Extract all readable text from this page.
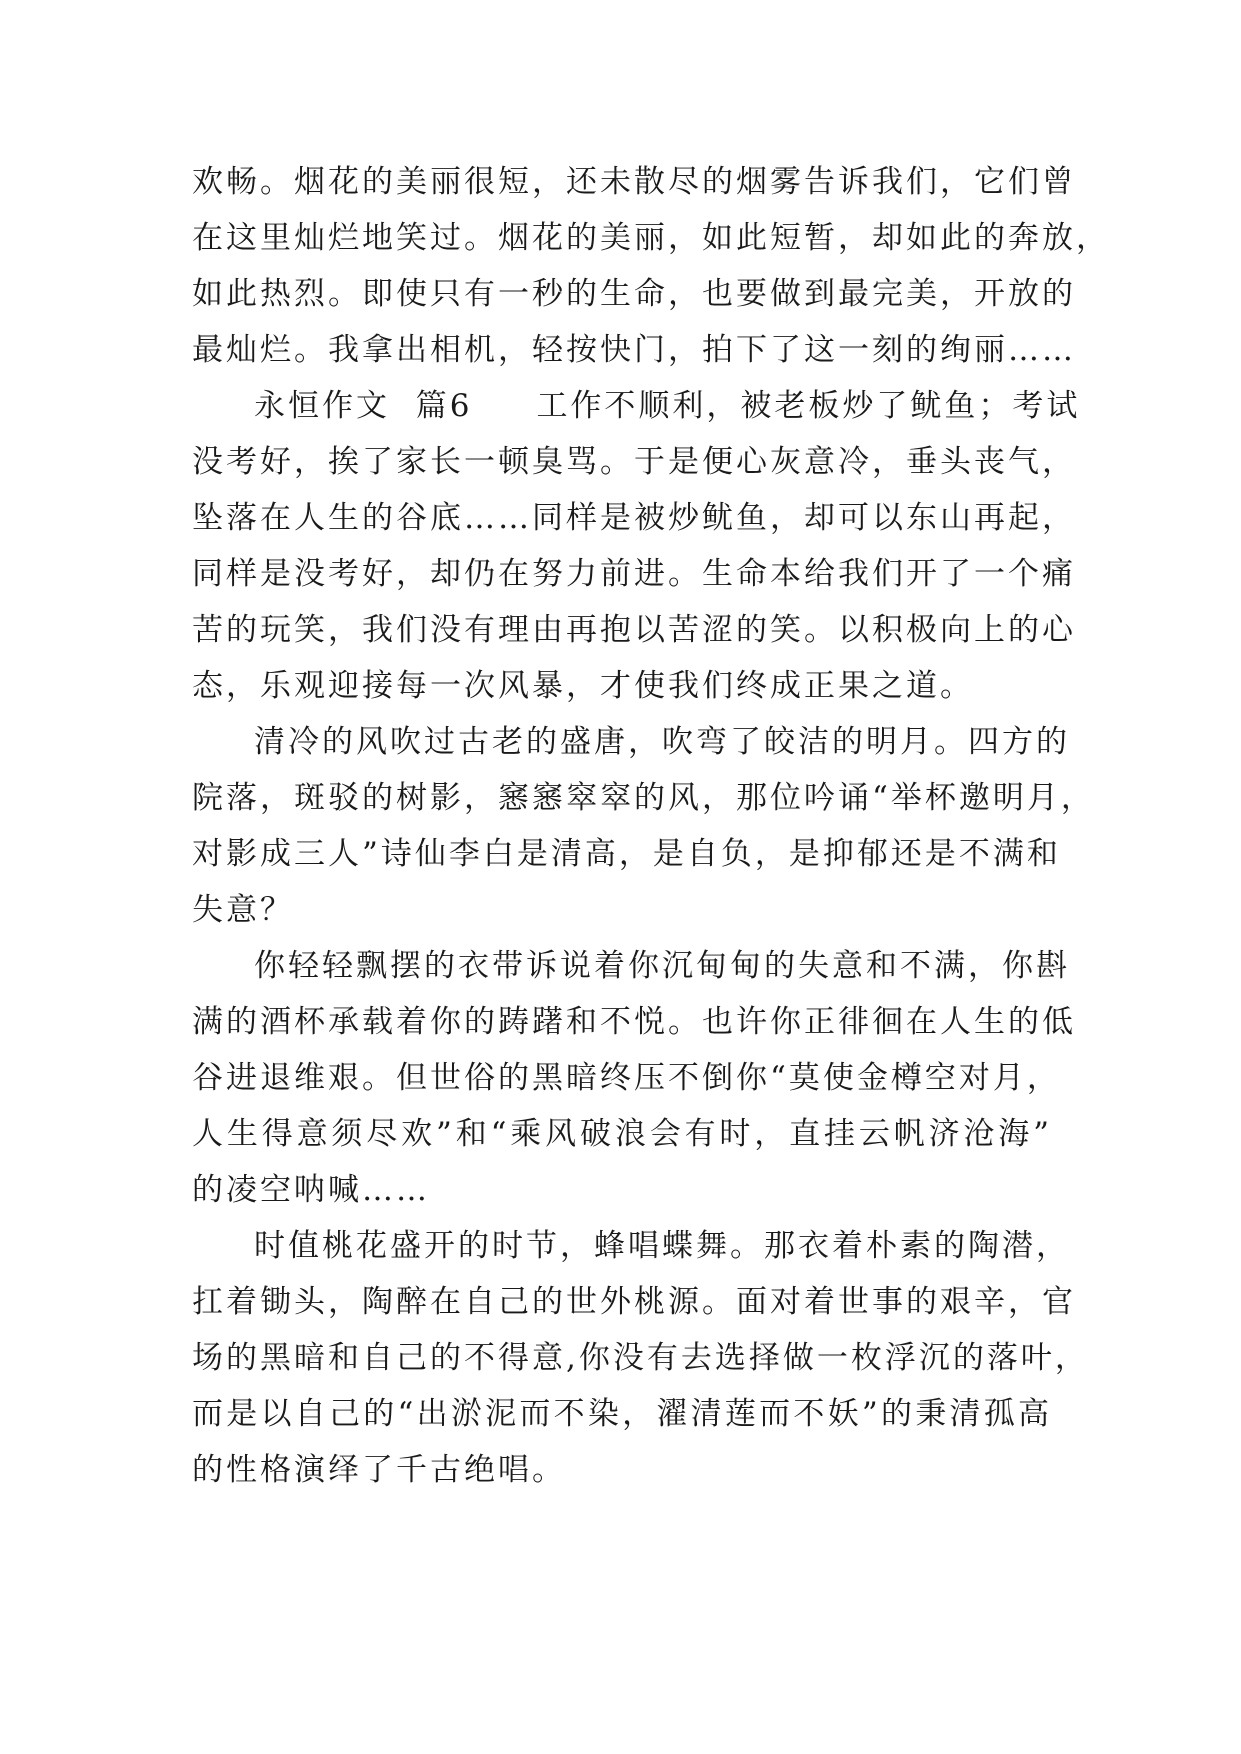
欢畅。烟花的美丽很短，还未散尽的烟雾告诉我们，它们曾
在这里灿烂地笑过。烟花的美丽，如此短暂，却如此的奔放，
如此热烈。即使只有一秒的生命，也要做到最完美，开放的
最灿烂。我拿出相机，轻按快门，拍下了这一刻的绚丽……
永恒作文  篇6 工作不顺利，被老板炒了鱿鱼；考试
没考好，挨了家长一顿臭骂。于是便心灰意冷，垂头丧气，
坠落在人生的谷底……同样是被炒鱿鱼，却可以东山再起，
同样是没考好，却仍在努力前进。生命本给我们开了一个痛
苦的玩笑，我们没有理由再抱以苦涩的笑。以积极向上的心
态，乐观迎接每一次风暴，才使我们终成正果之道。
清冷的风吹过古老的盛唐，吹弯了皎洁的明月。四方的
院落，斑驳的树影，窸窸窣窣的风，那位吟诵“举杯邀明月，
对影成三人”诗仙李白是清高，是自负，是抑郁还是不满和
失意？
你轻轻飘摆的衣带诉说着你沉甸甸的失意和不满，你斟
满的酒杯承载着你的踌躇和不悦。也许你正徘徊在人生的低
谷进退维艰。但世俗的黑暗终压不倒你“莫使金樽空对月，
人生得意须尽欢”和“乘风破浪会有时，直挂云帆济沧海”
的凌空呐喊……
时值桃花盛开的时节，蜂唱蝶舞。那衣着朴素的陶潜，
扛着锄头，陶醉在自己的世外桃源。面对着世事的艰辛，官
场的黑暗和自己的不得意,你没有去选择做一枚浮沉的落叶，
而是以自己的“出淤泥而不染，濯清莲而不妖”的秉清孤高
的性格演绎了千古绝唱。
